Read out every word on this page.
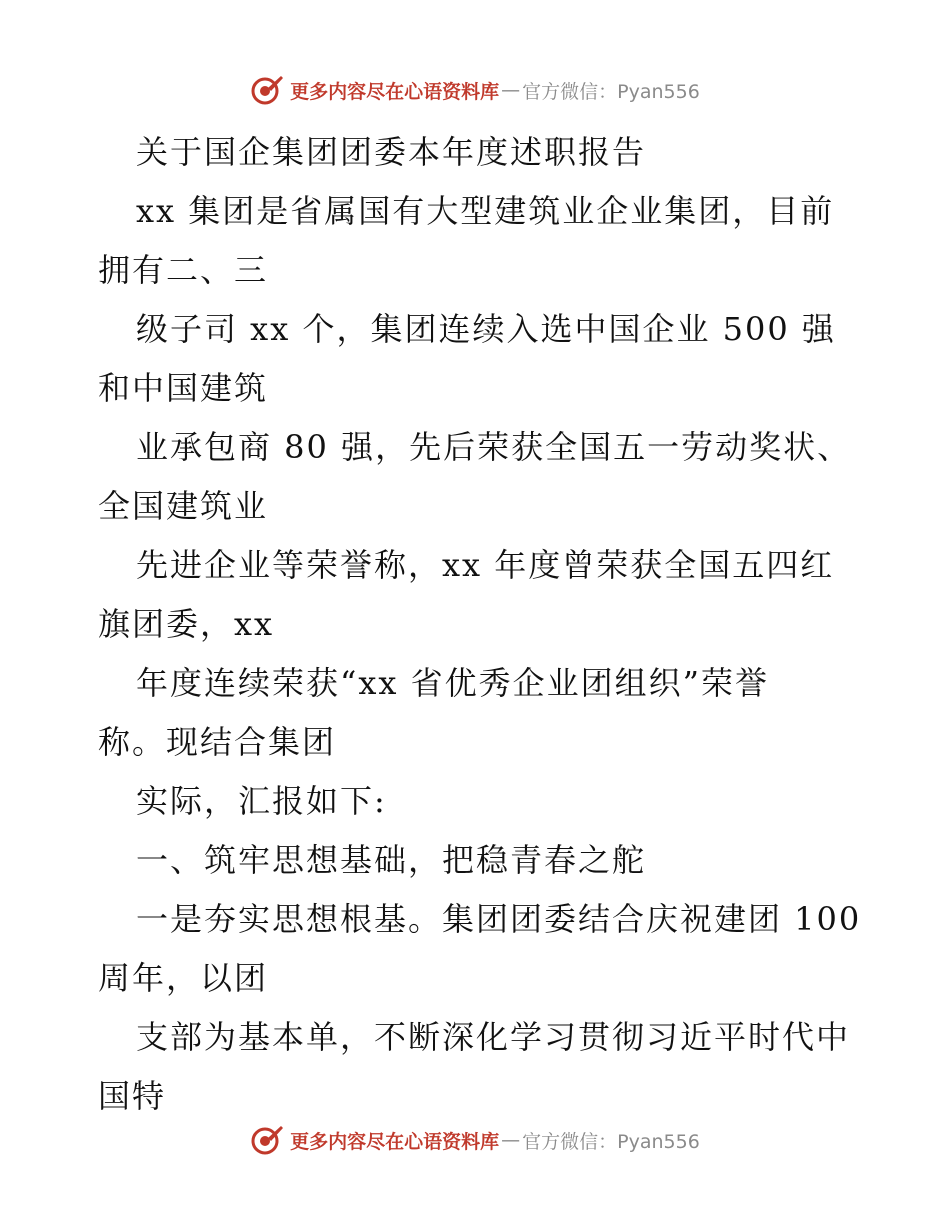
更多内容尽在心语资料库 — 官方微信：Pyan556
关于国企集团团委本年度述职报告
xx 集团是省属国有大型建筑业企业集团，目前
拥有二、三
级子司 xx 个，集团连续入选中国企业 500 强
和中国建筑
业承包商 80 强，先后荣获全国五一劳动奖状、
全国建筑业
先进企业等荣誉称，xx 年度曾荣获全国五四红
旗团委，xx
年度连续荣获“xx 省优秀企业团组织”荣誉
称。现结合集团
实际，汇报如下:
一、筑牢思想基础，把稳青春之舵
一是夯实思想根基。集团团委结合庆祝建团 100
周年，以团
支部为基本单，不断深化学习贯彻习近平时代中
国特
更多内容尽在心语资料库 — 官方微信：Pyan556
